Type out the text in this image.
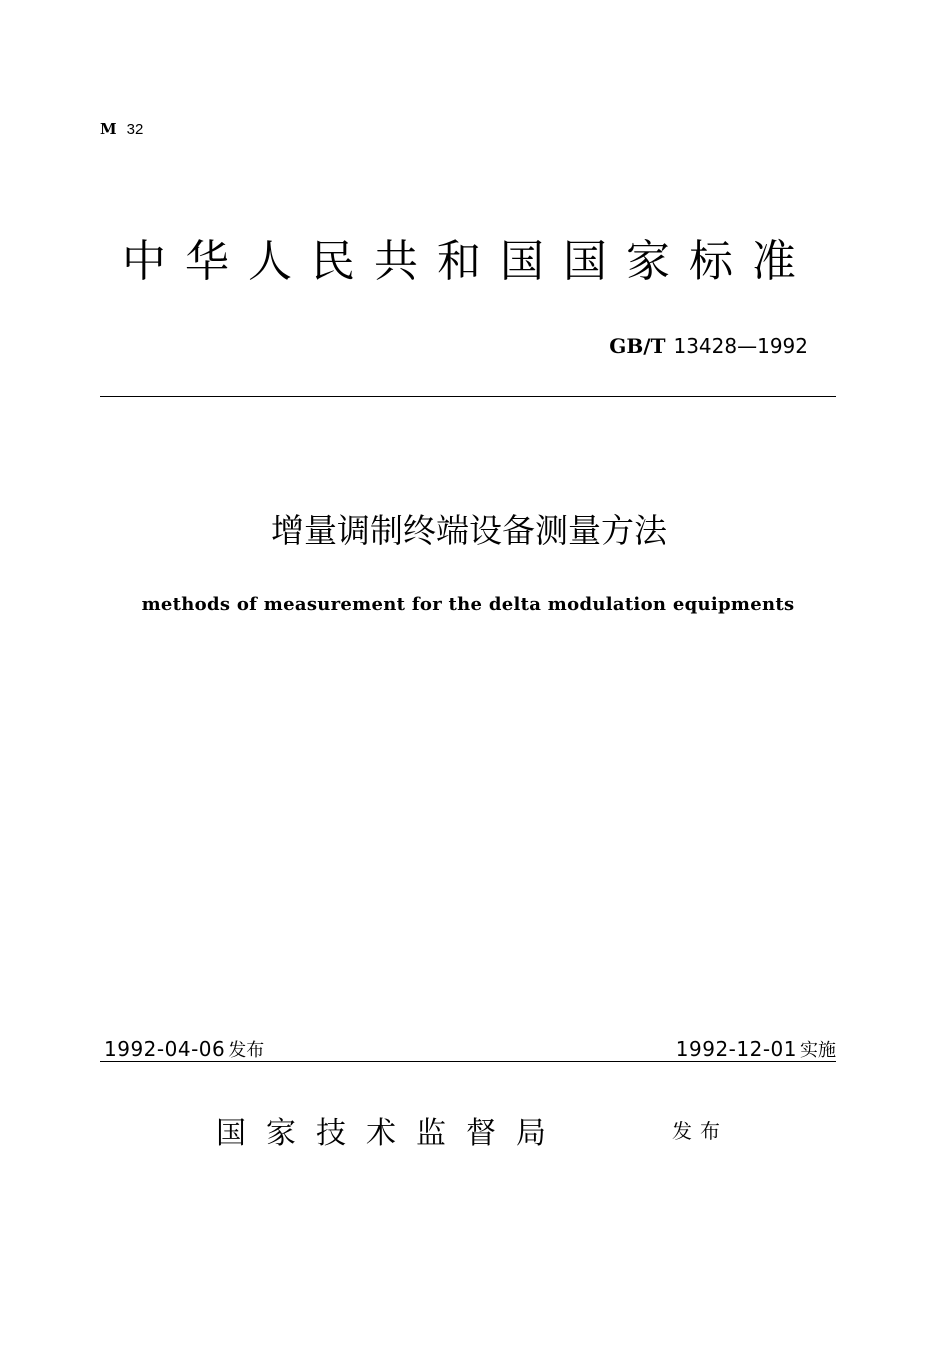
M 32
中华人民共和国国家标准
GB/T 13428—1992
增量调制终端设备测量方法
methods of measurement for the delta modulation equipments
1992-04-06 发布	1992-12-01 实施
国家技术监督局	发布
